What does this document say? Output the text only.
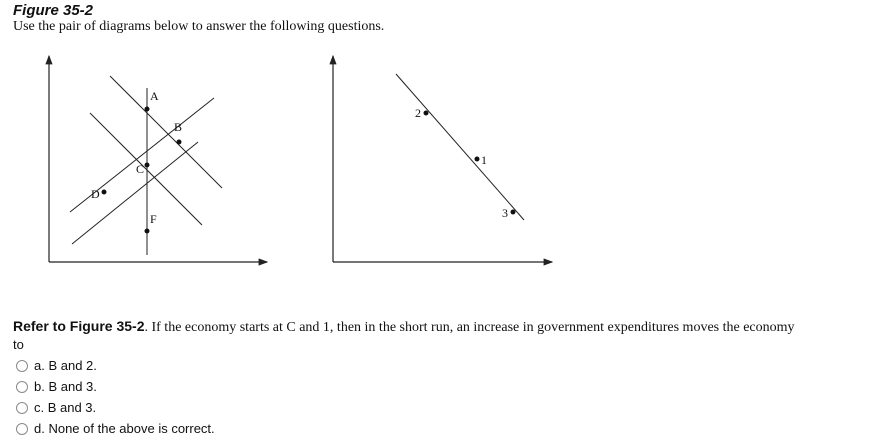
Figure 35-2
Use the pair of diagrams below to answer the following questions.
A
B
C
D
F
2
1
3
Refer to Figure 35-2. If the economy starts at C and 1, then in the short run, an increase in government expenditures moves the economy
to
a. B and 2.
b. B and 3.
c. B and 3.
d. None of the above is correct.
